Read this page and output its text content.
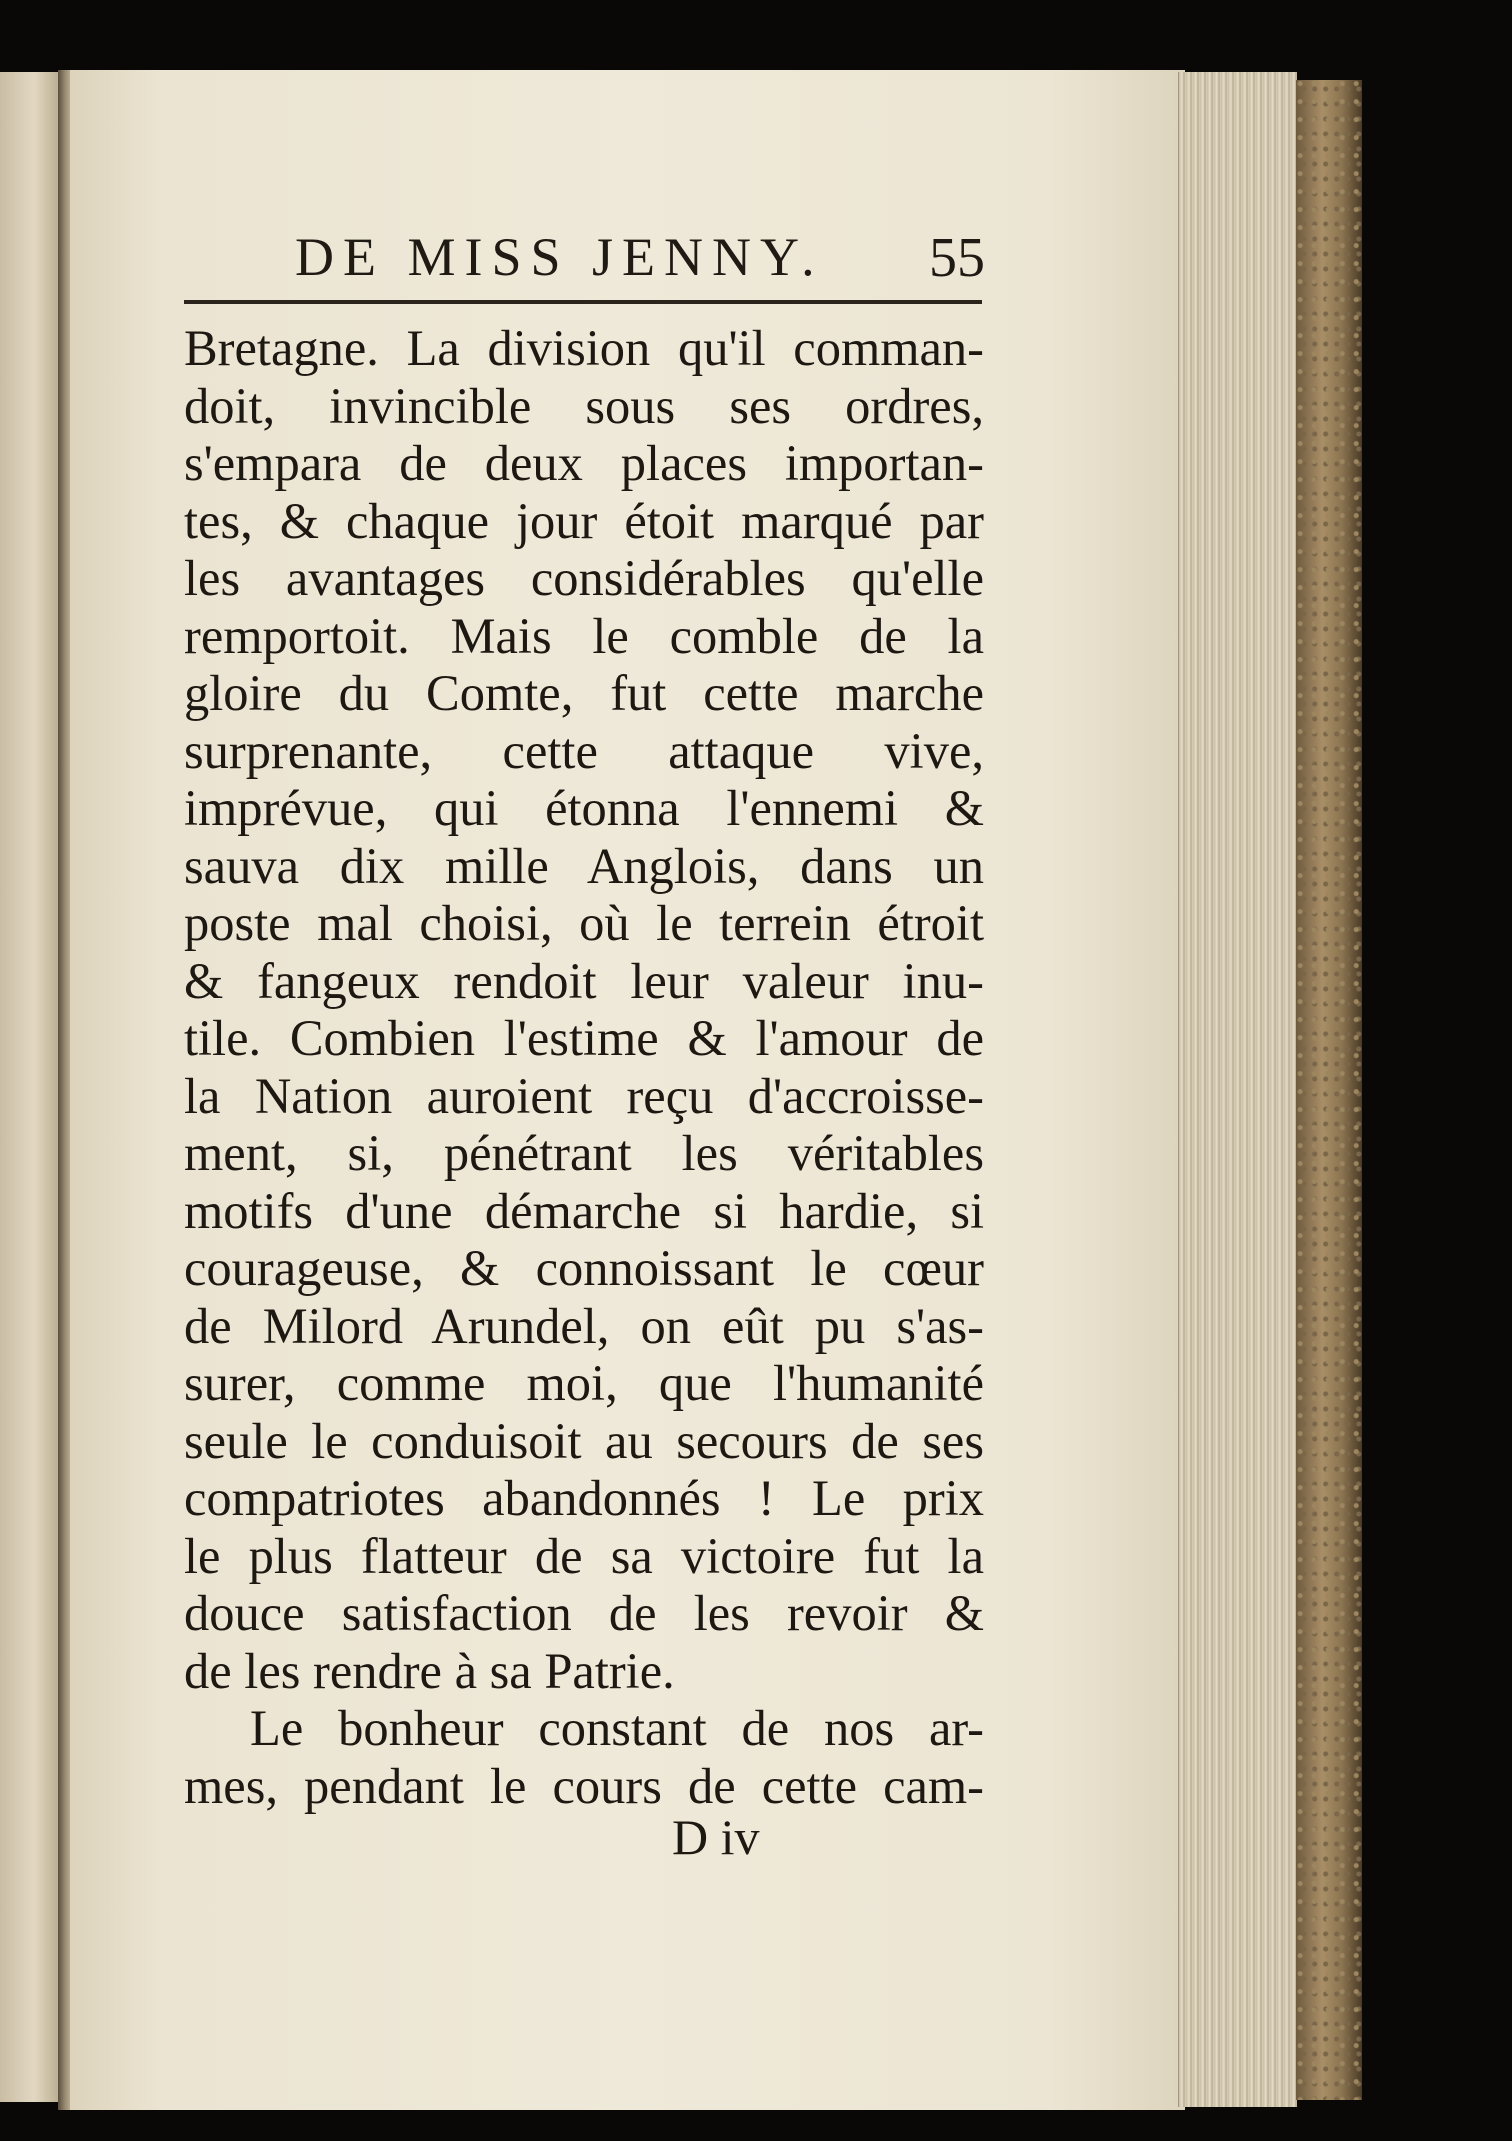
DE MISS JENNY. 55
Bretagne. La division qu'il comman-
doit, invincible sous ses ordres,
s'empara de deux places importan-
tes, & chaque jour étoit marqué par
les avantages considérables qu'elle
remportoit. Mais le comble de la
gloire du Comte, fut cette marche
surprenante, cette attaque vive,
imprévue, qui étonna l'ennemi &
sauva dix mille Anglois, dans un
poste mal choisi, où le terrein étroit
& fangeux rendoit leur valeur inu-
tile. Combien l'estime & l'amour de
la Nation auroient reçu d'accroisse-
ment, si, pénétrant les véritables
motifs d'une démarche si hardie, si
courageuse, & connoissant le cœur
de Milord Arundel, on eût pu s'as-
surer, comme moi, que l'humanité
seule le conduisoit au secours de ses
compatriotes abandonnés ! Le prix
le plus flatteur de sa victoire fut la
douce satisfaction de les revoir &
de les rendre à sa Patrie.
Le bonheur constant de nos ar-
mes, pendant le cours de cette cam-
D iv
